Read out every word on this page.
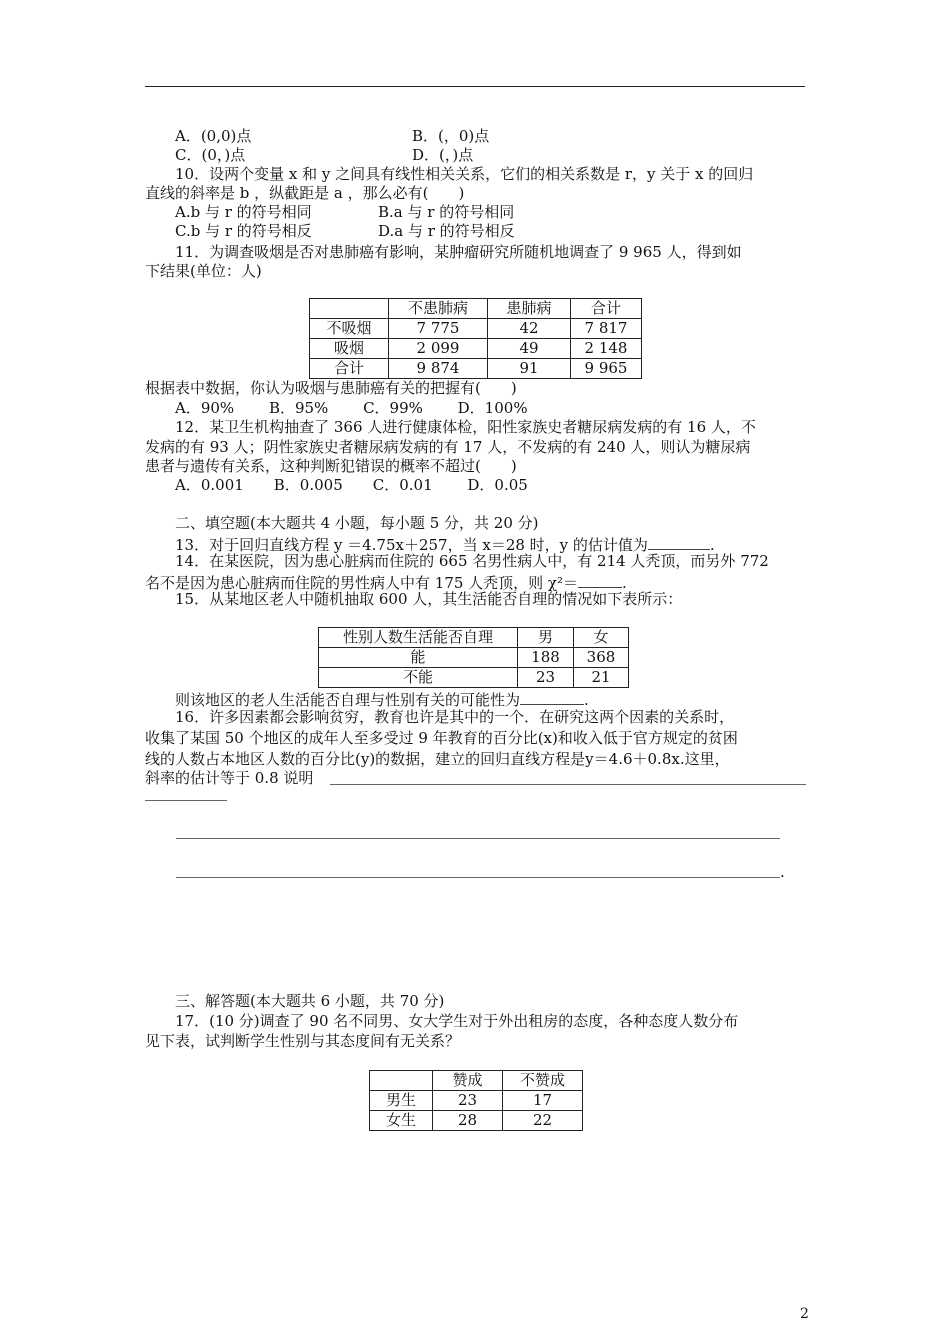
A．(0,0)点	B．(，0)点
C．(0，)点	D．(，)点
10．设两个变量 x 和 y 之间具有线性相关关系，它们的相关系数是 r，y 关于 x 的回归
直线的斜率是 b ，纵截距是 a ，那么必有(　　)
A.b 与 r 的符号相同	B.a 与 r 的符号相同
C.b 与 r 的符号相反	D.a 与 r 的符号相反
11．为调查吸烟是否对患肺癌有影响，某肿瘤研究所随机地调查了 9 965 人，得到如
下结果(单位：人)
	不患肺病	患肺病	合计
不吸烟	7 775	42	7 817
吸烟	2 099	49	2 148
合计	9 874	91	9 965
根据表中数据，你认为吸烟与患肺癌有关的把握有(　　)
A．90%　　 B．95%　　 C．99%　　 D．100%
12．某卫生机构抽查了 366 人进行健康体检，阳性家族史者糖尿病发病的有 16 人，不
发病的有 93 人；阴性家族史者糖尿病发病的有 17 人，不发病的有 240 人，则认为糖尿病
患者与遗传有关系，这种判断犯错误的概率不超过(　　)
A．0.001　　B．0.005　　C．0.01　　 D．0.05
二、填空题(本大题共 4 小题，每小题 5 分，共 20 分)
13．对于回归直线方程 y ＝4.75x＋257，当 x＝28 时，y 的估计值为	.
14．在某医院，因为患心脏病而住院的 665 名男性病人中，有 214 人秃顶，而另外 772
名不是因为患心脏病而住院的男性病人中有 175 人秃顶，则 χ²＝	.
15．从某地区老人中随机抽取 600 人，其生活能否自理的情况如下表所示：
性别人数生活能否自理	男	女
能	188	368
不能	23	21
则该地区的老人生活能否自理与性别有关的可能性为	.
16．许多因素都会影响贫穷，教育也许是其中的一个．在研究这两个因素的关系时，
收集了某国 50 个地区的成年人至多受过 9 年教育的百分比(x)和收入低于官方规定的贫困
线的人数占本地区人数的百分比(y)的数据，建立的回归直线方程是y＝4.6＋0.8x.这里，
斜率的估计等于 0.8 说明
.
三、解答题(本大题共 6 小题，共 70 分)
17．(10 分)调查了 90 名不同男、女大学生对于外出租房的态度，各种态度人数分布
见下表，试判断学生性别与其态度间有无关系？
	赞成	不赞成
男生	23	17
女生	28	22
2
